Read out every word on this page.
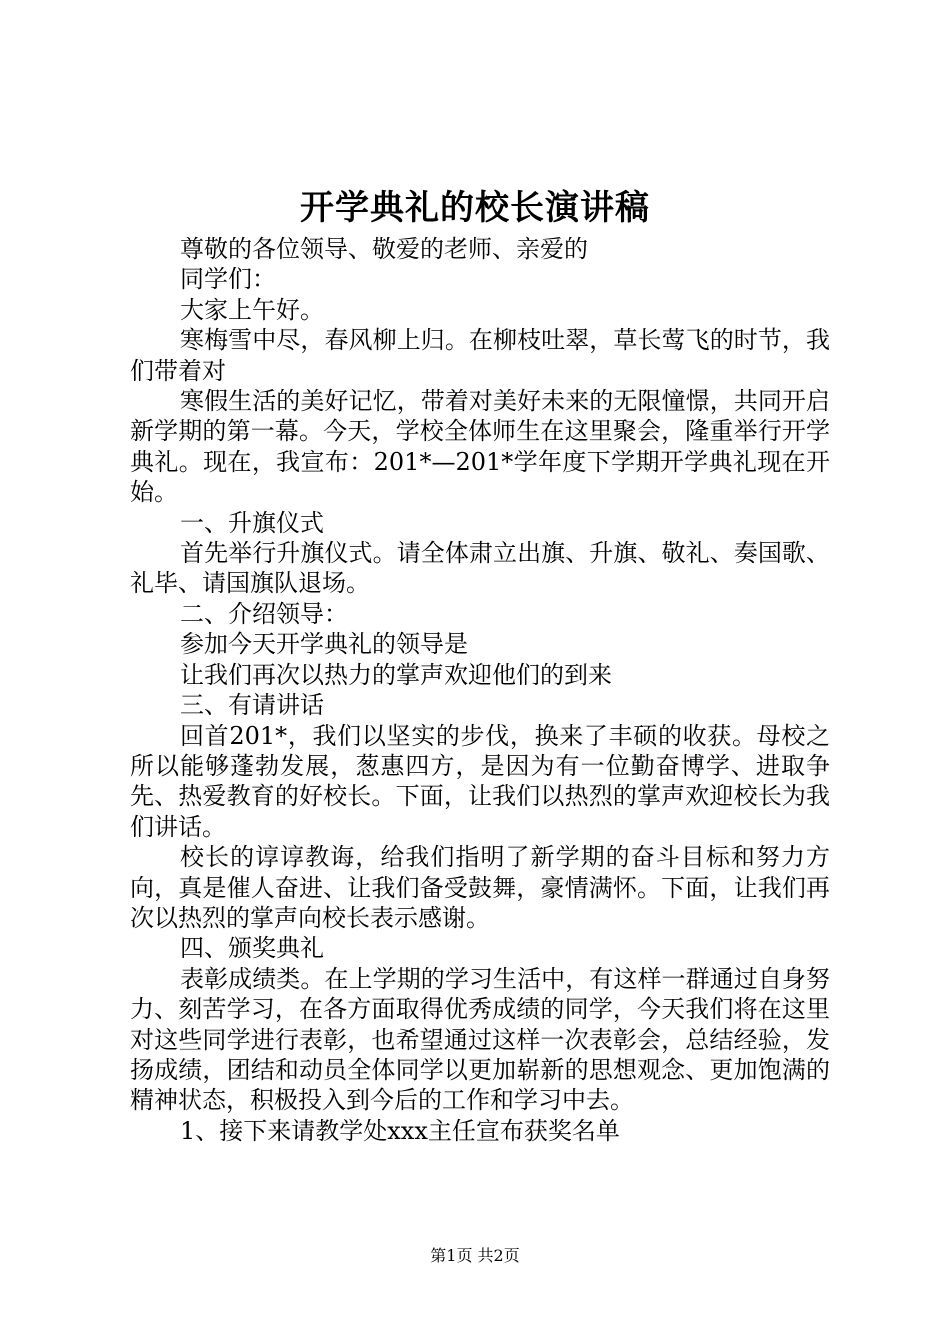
开学典礼的校长演讲稿

尊敬的各位领导、敬爱的老师、亲爱的

同学们：

大家上午好。

寒梅雪中尽，春风柳上归。在柳枝吐翠，草长莺飞的时节，我们带着对

寒假生活的美好记忆，带着对美好未来的无限憧憬，共同开启新学期的第一幕。今天，学校全体师生在这里聚会，隆重举行开学典礼。现在，我宣布：201*—201*学年度下学期开学典礼现在开始。

一、升旗仪式

首先举行升旗仪式。请全体肃立出旗、升旗、敬礼、奏国歌、礼毕、请国旗队退场。

二、介绍领导：

参加今天开学典礼的领导是

让我们再次以热力的掌声欢迎他们的到来

三、有请讲话

回首201*，我们以坚实的步伐，换来了丰硕的收获。母校之所以能够蓬勃发展，葱惠四方，是因为有一位勤奋博学、进取争先、热爱教育的好校长。下面，让我们以热烈的掌声欢迎校长为我们讲话。

校长的谆谆教诲，给我们指明了新学期的奋斗目标和努力方向，真是催人奋进、让我们备受鼓舞，豪情满怀。下面，让我们再次以热烈的掌声向校长表示感谢。

四、颁奖典礼

表彰成绩类。在上学期的学习生活中，有这样一群通过自身努力、刻苦学习，在各方面取得优秀成绩的同学，今天我们将在这里对这些同学进行表彰，也希望通过这样一次表彰会，总结经验，发扬成绩，团结和动员全体同学以更加崭新的思想观念、更加饱满的精神状态，积极投入到今后的工作和学习中去。

1、接下来请教学处xxx主任宣布获奖名单

第1页 共2页
